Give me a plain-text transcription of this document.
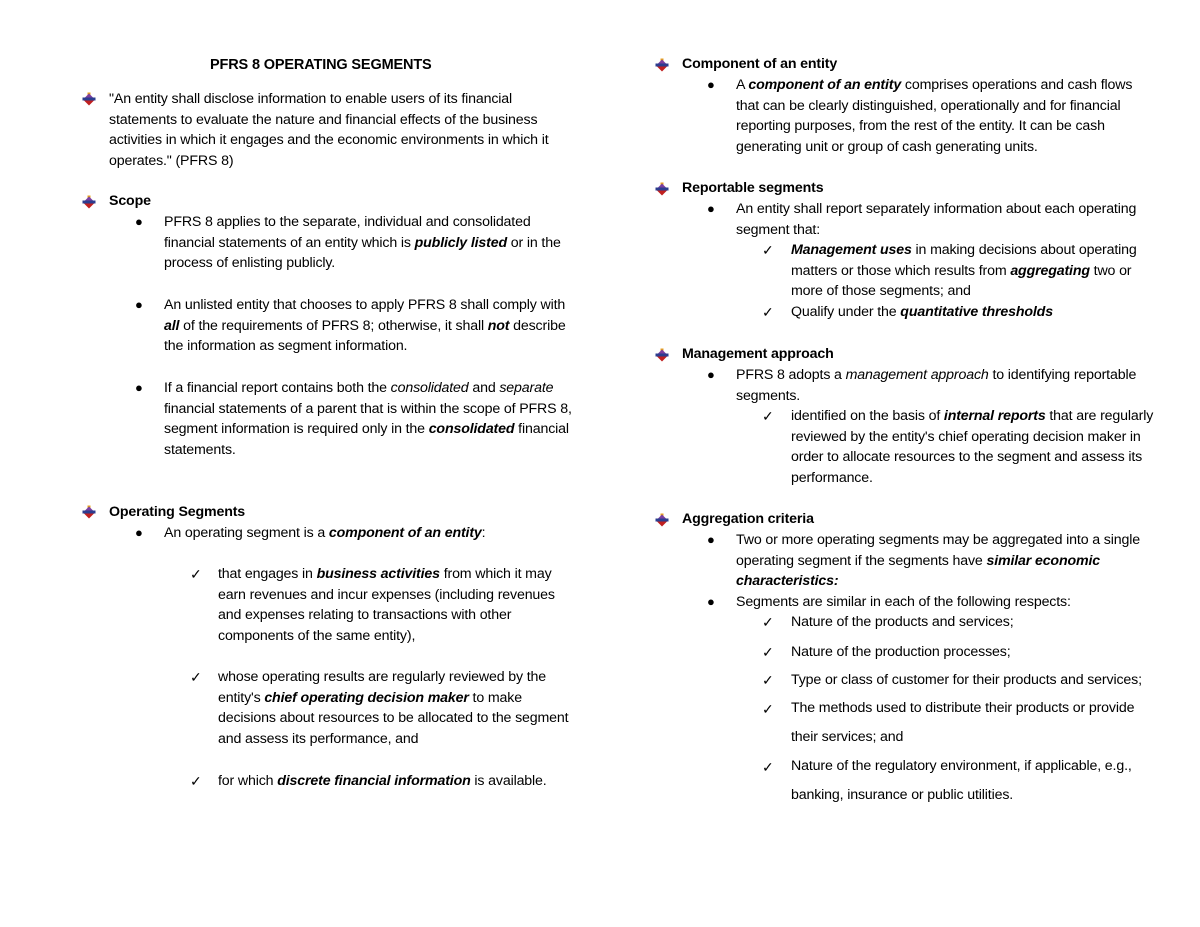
PFRS 8 OPERATING SEGMENTS
"An entity shall disclose information to enable users of its financial statements to evaluate the nature and financial effects of the business activities in which it engages and the economic environments in which it operates." (PFRS 8)
Scope
● PFRS 8 applies to the separate, individual and consolidated financial statements of an entity which is publicly listed or in the process of enlisting publicly.
● An unlisted entity that chooses to apply PFRS 8 shall comply with all of the requirements of PFRS 8; otherwise, it shall not describe the information as segment information.
● If a financial report contains both the consolidated and separate financial statements of a parent that is within the scope of PFRS 8, segment information is required only in the consolidated financial statements.
Operating Segments
● An operating segment is a component of an entity:
✓ that engages in business activities from which it may earn revenues and incur expenses (including revenues and expenses relating to transactions with other components of the same entity),
✓ whose operating results are regularly reviewed by the entity's chief operating decision maker to make decisions about resources to be allocated to the segment and assess its performance, and
✓ for which discrete financial information is available.
Component of an entity
● A component of an entity comprises operations and cash flows that can be clearly distinguished, operationally and for financial reporting purposes, from the rest of the entity. It can be cash generating unit or group of cash generating units.
Reportable segments
● An entity shall report separately information about each operating segment that:
✓ Management uses in making decisions about operating matters or those which results from aggregating two or more of those segments; and
✓ Qualify under the quantitative thresholds
Management approach
● PFRS 8 adopts a management approach to identifying reportable segments.
✓ identified on the basis of internal reports that are regularly reviewed by the entity's chief operating decision maker in order to allocate resources to the segment and assess its performance.
Aggregation criteria
● Two or more operating segments may be aggregated into a single operating segment if the segments have similar economic characteristics:
● Segments are similar in each of the following respects:
✓ Nature of the products and services;
✓ Nature of the production processes;
✓ Type or class of customer for their products and services;
✓ The methods used to distribute their products or provide their services; and
✓ Nature of the regulatory environment, if applicable, e.g., banking, insurance or public utilities.
